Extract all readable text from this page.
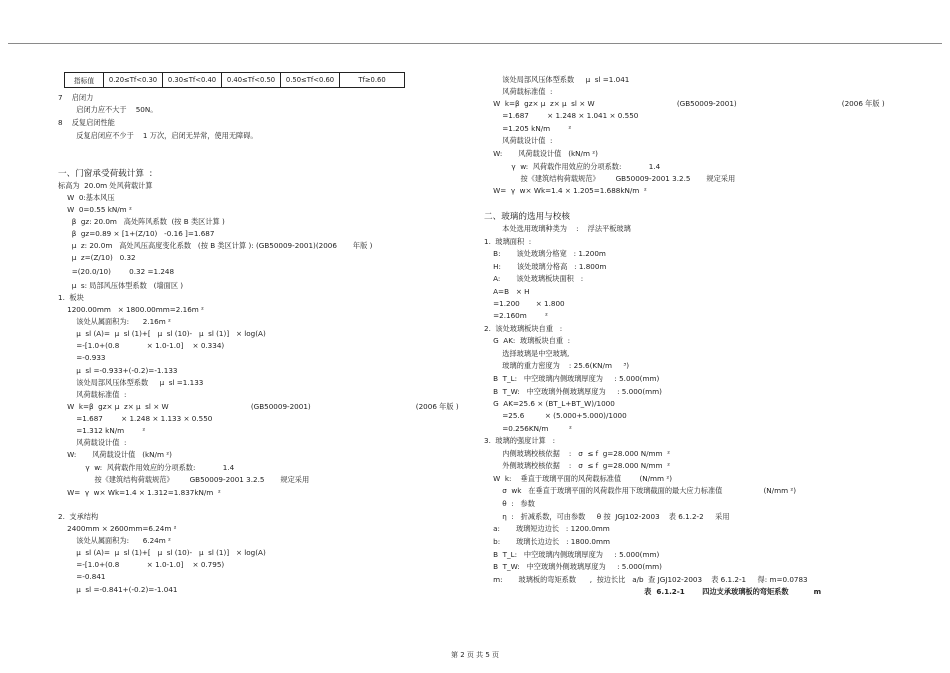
指标值	0.20≤Tf<0.30	0.30≤Tf<0.40	0.40≤Tf<0.50	0.50≤Tf<0.60	Tf≥0.60
7    启闭力
启闭力应不大于    50N。
8    反复启闭性能
反复启闭应不少于    1 万次，启闭无异常，使用无障碍。
一、门窗承受荷载计算  :
标高为  20.0m 处风荷载计算
W  0:基本风压
W  0=0.55 kN/m ²
β  gz: 20.0m   高处阵风系数  (按 B 类区计算 )
β  gz=0.89 × [1+(Z/10)   -0.16 ]=1.687
μ  z: 20.0m   高处风压高度变化系数   (按 B 类区计算 ): (GB50009-2001)(2006       年版 )
μ  z=(Z/10)   0.32
=(20.0/10)        0.32 =1.248
μ  s: 局部风压体型系数   (墙面区 )
1.  板块
1200.00mm   × 1800.00mm=2.16m ²
该处从属面积为:      2.16m ²
μ  sl (A)=  μ  sl (1)+[   μ  sl (10)-   μ  sl (1)]   × log(A)
=-[1.0+(0.8            × 1.0-1.0]    × 0.334)
=-0.933
μ  sl =-0.933+(-0.2)=-1.133
该处局部风压体型系数     μ  sl =1.133
风荷载标准值  :
W  k=β  gz× μ  z× μ  sl × W                                    (GB50009-2001)                                              (2006 年版 )
=1.687        × 1.248 × 1.133 × 0.550
=1.312 kN/m        ²
风荷载设计值  :
W:       风荷载设计值   (kN/m ²)
γ  w:  风荷载作用效应的分项系数:            1.4
按《建筑结构荷载规范》       GB50009-2001 3.2.5       规定采用
W=  γ  w× Wk=1.4 × 1.312=1.837kN/m  ²
2.  支承结构
2400mm × 2600mm=6.24m ²
该处从属面积为:      6.24m ²
μ  sl (A)=  μ  sl (1)+[   μ  sl (10)-   μ  sl (1)]   × log(A)
=-[1.0+(0.8            × 1.0-1.0]    × 0.795)
=-0.841
μ  sl =-0.841+(-0.2)=-1.041
该处局部风压体型系数     μ  sl =1.041
风荷载标准值  :
W  k=β  gz× μ  z× μ  sl × W                                    (GB50009-2001)                                              (2006 年版 )
=1.687        × 1.248 × 1.041 × 0.550
=1.205 kN/m        ²
风荷载设计值  :
W:       风荷载设计值   (kN/m ²)
γ  w:  风荷载作用效应的分项系数:            1.4
按《建筑结构荷载规范》       GB50009-2001 3.2.5       规定采用
W=  γ  w× Wk=1.4 × 1.205=1.688kN/m  ²
二、玻璃的选用与校核
本处选用玻璃种类为    :    浮法平板玻璃
1.  玻璃面积  :
B:       该处玻璃分格宽   : 1.200m
H:       该处玻璃分格高   : 1.800m
A:       该处玻璃板块面积   :
A=B   × H
=1.200       × 1.800
=2.160m        ²
2.  该处玻璃板块自重   :
G  AK:  玻璃板块自重  :
选择玻璃是中空玻璃,
玻璃的重力密度为    : 25.6(KN/m     ³)
B  T_L:   中空玻璃内侧玻璃厚度为     : 5.000(mm)
B  T_W:   中空玻璃外侧玻璃厚度为     : 5.000(mm)
G  AK=25.6 × (BT_L+BT_W)/1000
=25.6         × (5.000+5.000)/1000
=0.256KN/m         ²
3.  玻璃的强度计算   :
内侧玻璃校核依据    :   σ  ≤ f  g=28.000 N/mm  ²
外侧玻璃校核依据    :   σ  ≤ f  g=28.000 N/mm  ²
W  k:    垂直于玻璃平面的风荷载标准值        (N/mm ²)
σ  wk   在垂直于玻璃平面的风荷载作用下玻璃截面的最大应力标准值                  (N/mm ²)
θ  :   参数
η  :   折减系数，可由参数     θ 按  JGJ102-2003    表 6.1.2-2     采用
a:       玻璃短边边长   : 1200.0mm
b:       玻璃长边边长   : 1800.0mm
B  T_L:   中空玻璃内侧玻璃厚度为     : 5.000(mm)
B  T_W:   中空玻璃外侧玻璃厚度为     : 5.000(mm)
m:       玻璃板的弯矩系数      ,  按边长比   a/b  查 JGJ102-2003    表 6.1.2-1     得: m=0.0783
表  6.1.2-1       四边支承玻璃板的弯矩系数          m
第 2 页 共 5 页
